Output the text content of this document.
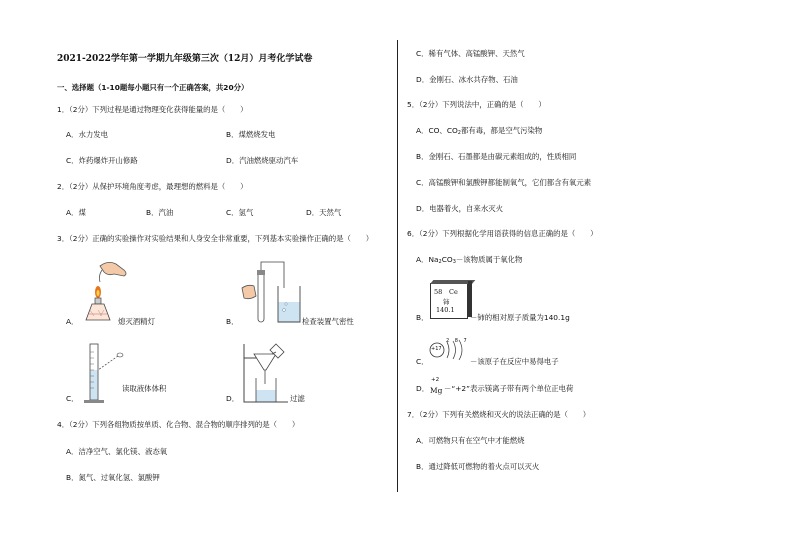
2021-2022学年第一学期九年级第三次（12月）月考化学试卷
一、选择题（1-10题每小题只有一个正确答案，共20分）
1．（2分）下列过程是通过物理变化获得能量的是（　　）
A．水力发电	B．煤燃烧发电
C．炸药爆炸开山修路	D．汽油燃烧驱动汽车
2．（2分）从保护环境角度考虑，最理想的燃料是（　　）
A．煤	B．汽油	C．氢气	D．天然气
3．（2分）正确的实验操作对实验结果和人身安全非常重要，下列基本实验操作正确的是（　　）
A．	熄灭酒精灯	B．	检查装置气密性
C．
读取液体体积
D．	过滤
4．（2分）下列各组物质按单质、化合物、混合物的顺序排列的是（　　）
A．洁净空气、氯化镁、液态氧
B．氮气、过氧化氢、氯酸钾
C．稀有气体、高锰酸钾、天然气
D．金刚石、冰水共存物、石油
5．（2分）下列说法中，正确的是（　　）
A．CO、$CO_2$都有毒，都是空气污染物
B．金刚石、石墨都是由碳元素组成的，性质相同
C．高锰酸钾和氯酸钾都能制氧气，它们都含有氧元素
D．电器着火，自来水灭火
6．（2分）下列根据化学用语获得的信息正确的是（　　）
A．$Na_2CO_3-$该物质属于氧化物
B．
58 Ce
铈
140.1
－铈的相对原子质量为140.1g
C．
+17
2 8 7
－该原子在反应中易得电子
D．
+2
Mg －“+2”表示镁离子带有两个单位正电荷
7．（2分）下列有关燃烧和灭火的说法正确的是（　　）
A．可燃物只有在空气中才能燃烧
B．通过降低可燃物的着火点可以灭火
